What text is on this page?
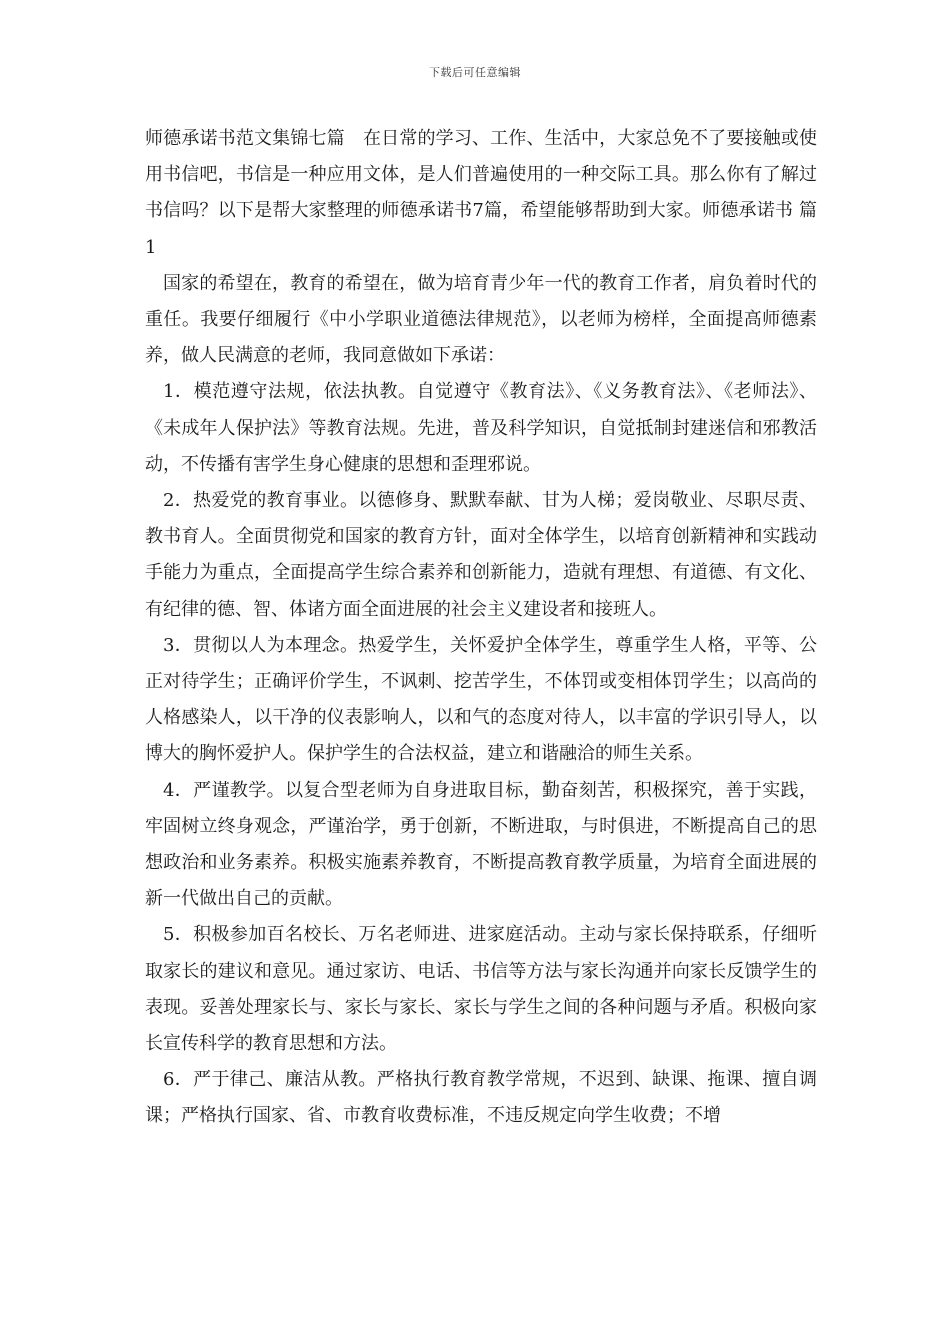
下载后可任意编辑

师德承诺书范文集锦七篇　在日常的学习、工作、生活中，大家总免不了要接触或使用书信吧，书信是一种应用文体，是人们普遍使用的一种交际工具。那么你有了解过书信吗？以下是帮大家整理的师德承诺书7篇，希望能够帮助到大家。师德承诺书 篇1

国家的希望在，教育的希望在，做为培育青少年一代的教育工作者，肩负着时代的重任。我要仔细履行《中小学职业道德法律规范》，以老师为榜样，全面提高师德素养，做人民满意的老师，我同意做如下承诺：

1．模范遵守法规，依法执教。自觉遵守《教育法》、《义务教育法》、《老师法》、《未成年人保护法》等教育法规。先进，普及科学知识，自觉抵制封建迷信和邪教活动，不传播有害学生身心健康的思想和歪理邪说。

2．热爱党的教育事业。以德修身、默默奉献、甘为人梯；爱岗敬业、尽职尽责、教书育人。全面贯彻党和国家的教育方针，面对全体学生，以培育创新精神和实践动手能力为重点，全面提高学生综合素养和创新能力，造就有理想、有道德、有文化、有纪律的德、智、体诸方面全面进展的社会主义建设者和接班人。

3．贯彻以人为本理念。热爱学生，关怀爱护全体学生，尊重学生人格，平等、公正对待学生；正确评价学生，不讽刺、挖苦学生，不体罚或变相体罚学生；以高尚的人格感染人，以干净的仪表影响人，以和气的态度对待人，以丰富的学识引导人，以博大的胸怀爱护人。保护学生的合法权益，建立和谐融洽的师生关系。

4．严谨教学。以复合型老师为自身进取目标，勤奋刻苦，积极探究，善于实践，牢固树立终身观念，严谨治学，勇于创新，不断进取，与时俱进，不断提高自己的思想政治和业务素养。积极实施素养教育，不断提高教育教学质量，为培育全面进展的新一代做出自己的贡献。

5．积极参加百名校长、万名老师进、进家庭活动。主动与家长保持联系，仔细听取家长的建议和意见。通过家访、电话、书信等方法与家长沟通并向家长反馈学生的表现。妥善处理家长与、家长与家长、家长与学生之间的各种问题与矛盾。积极向家长宣传科学的教育思想和方法。

6．严于律己、廉洁从教。严格执行教育教学常规，不迟到、缺课、拖课、擅自调课；严格执行国家、省、市教育收费标准，不违反规定向学生收费；不增
